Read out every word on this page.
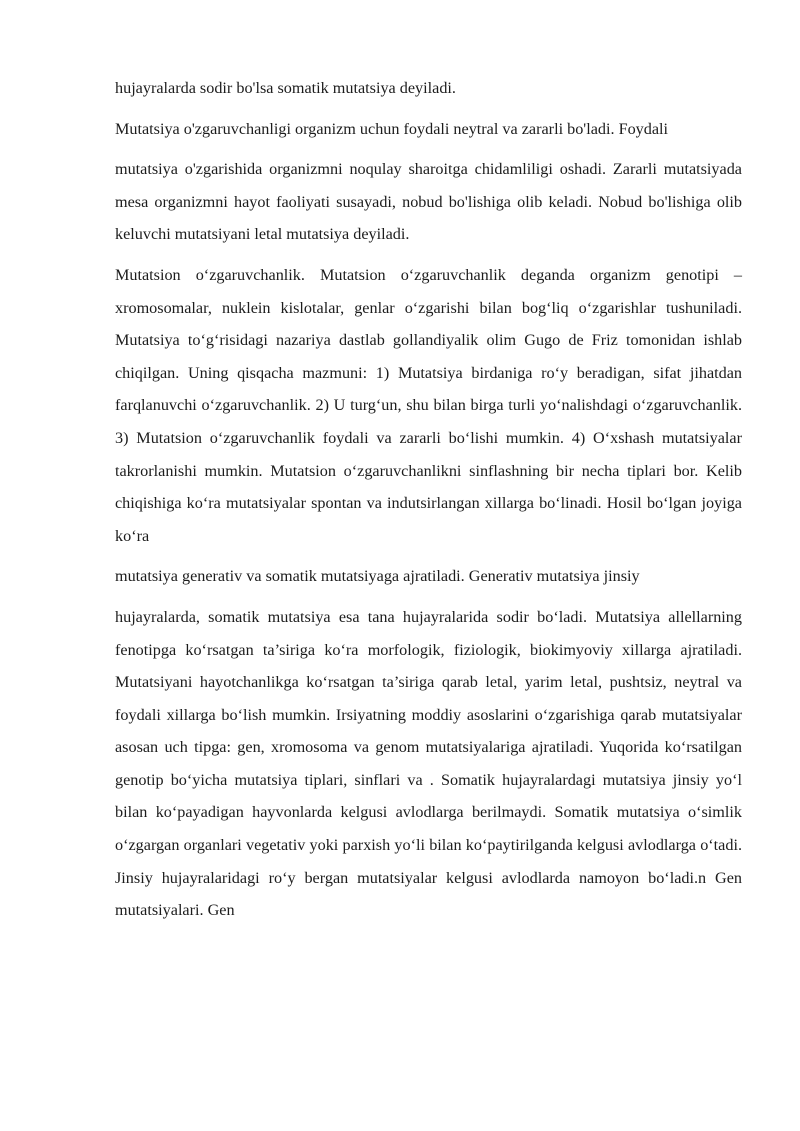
hujayralarda sodir bo'lsa somatik mutatsiya deyiladi.

Mutatsiya o'zgaruvchanligi organizm uchun foydali neytral va zararli bo'ladi. Foydali

mutatsiya o'zgarishida organizmni noqulay sharoitga chidamliligi oshadi. Zararli mutatsiyada mesa organizmni hayot faoliyati susayadi, nobud bo'lishiga olib keladi. Nobud bo'lishiga olib keluvchi mutatsiyani letal mutatsiya deyiladi.

Mutatsion o‘zgaruvchanlik. Mutatsion o‘zgaruvchanlik deganda organizm genotipi – xromosomalar, nuklein kislotalar, genlar o‘zgarishi bilan bog‘liq o‘zgarishlar tushuniladi. Mutatsiya to‘g‘risidagi nazariya dastlab gollandiyalik olim Gugo de Friz tomonidan ishlab chiqilgan. Uning qisqacha mazmuni: 1) Mutatsiya birdaniga ro‘y beradigan, sifat jihatdan farqlanuvchi o‘zgaruvchanlik. 2) U turg‘un, shu bilan birga turli yo‘nalishdagi o‘zgaruvchanlik. 3) Mutatsion o‘zgaruvchanlik foydali va zararli bo‘lishi mumkin. 4) O‘xshash mutatsiyalar takrorlanishi mumkin. Mutatsion o‘zgaruvchanlikni sinflashning bir necha tiplari bor. Kelib chiqishiga ko‘ra mutatsiyalar spontan va indutsirlangan xillarga bo‘linadi. Hosil bo‘lgan joyiga ko‘ra

mutatsiya generativ va somatik mutatsiyaga ajratiladi. Generativ mutatsiya jinsiy

hujayralarda, somatik mutatsiya esa tana hujayralarida sodir bo‘ladi. Mutatsiya allellarning fenotipga ko‘rsatgan ta’siriga ko‘ra morfologik, fiziologik, biokimyoviy xillarga ajratiladi. Mutatsiyani hayotchanlikga ko‘rsatgan ta’siriga qarab letal, yarim letal, pushtsiz, neytral va foydali xillarga bo‘lish mumkin. Irsiyatning moddiy asoslarini o‘zgarishiga qarab mutatsiyalar asosan uch tipga: gen, xromosoma va genom mutatsiyalariga ajratiladi. Yuqorida ko‘rsatilgan genotip bo‘yicha mutatsiya tiplari, sinflari va . Somatik hujayralardagi mutatsiya jinsiy yo‘l bilan ko‘payadigan hayvonlarda kelgusi avlodlarga berilmaydi. Somatik mutatsiya o‘simlik o‘zgargan organlari vegetativ yoki parxish yo‘li bilan ko‘paytirilganda kelgusi avlodlarga o‘tadi. Jinsiy hujayralaridagi ro‘y bergan mutatsiyalar kelgusi avlodlarda namoyon bo‘ladi.n Gen mutatsiyalari. Gen
